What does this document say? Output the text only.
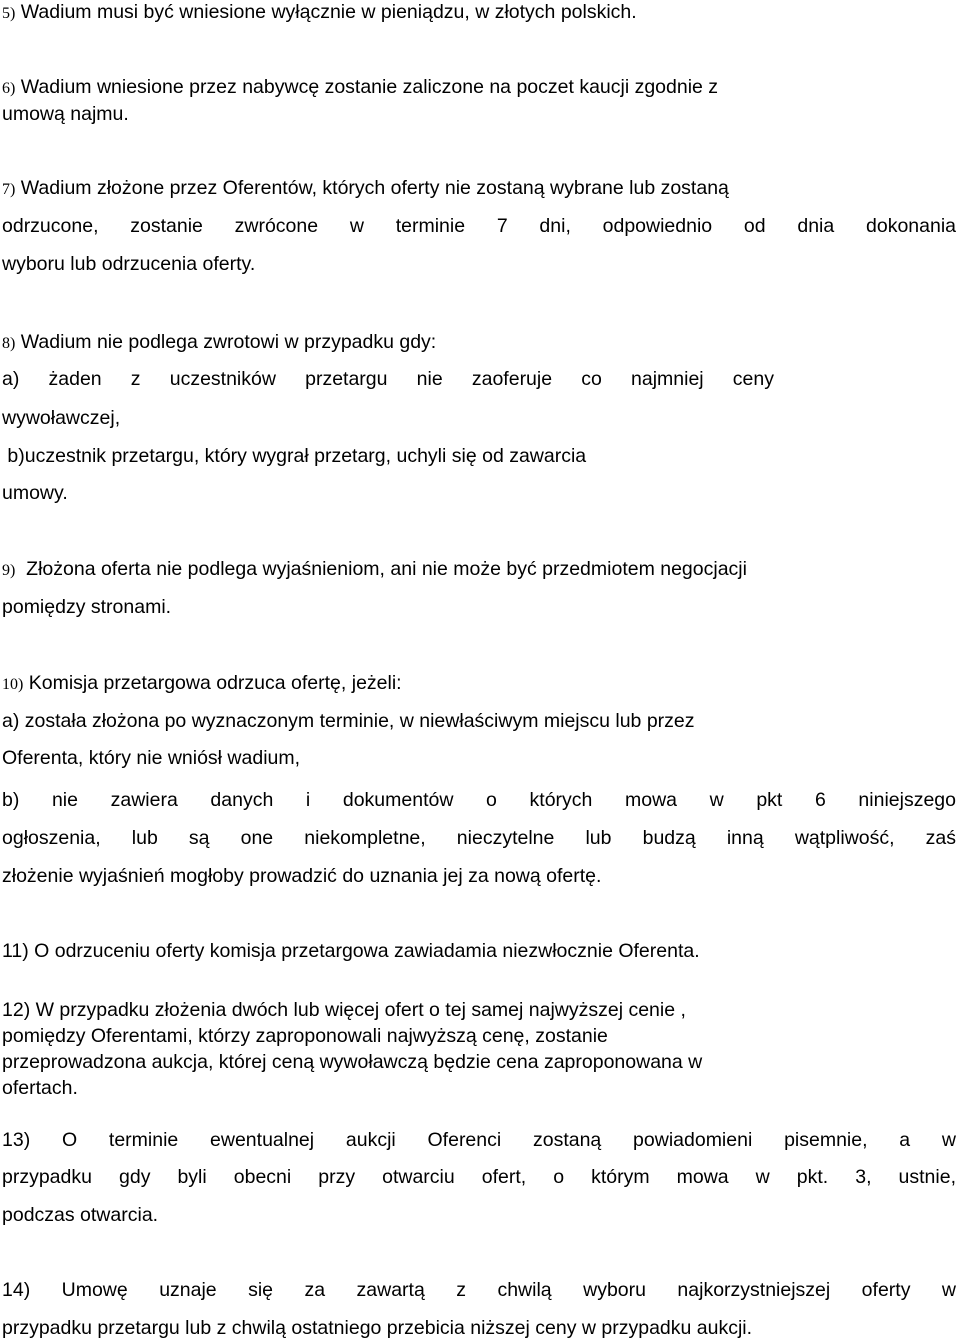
5) Wadium musi być wniesione wyłącznie w pieniądzu, w złotych polskich.
6) Wadium wniesione przez nabywcę zostanie zaliczone na poczet kaucji zgodnie z
umową najmu.
7) Wadium złożone przez Oferentów, których oferty nie zostaną wybrane lub zostaną
odrzucone, zostanie zwrócone w terminie 7 dni, odpowiednio od dnia dokonania
wyboru lub odrzucenia oferty.
8) Wadium nie podlega zwrotowi w przypadku gdy:
a) żaden z uczestników przetargu nie zaoferuje co najmniej ceny
wywoławczej,
b)uczestnik przetargu, który wygrał przetarg, uchyli się od zawarcia
umowy.
9)  Złożona oferta nie podlega wyjaśnieniom, ani nie może być przedmiotem negocjacji
pomiędzy stronami.
10) Komisja przetargowa odrzuca ofertę, jeżeli:
a) została złożona po wyznaczonym terminie, w niewłaściwym miejscu lub przez
Oferenta, który nie wniósł wadium,
b) nie zawiera danych i dokumentów o których mowa w pkt 6 niniejszego
ogłoszenia, lub są one niekompletne, nieczytelne lub budzą inną wątpliwość, zaś
złożenie wyjaśnień mogłoby prowadzić do uznania jej za nową ofertę.
11) O odrzuceniu oferty komisja przetargowa zawiadamia niezwłocznie Oferenta.
12) W przypadku złożenia dwóch lub więcej ofert o tej samej najwyższej cenie ,
pomiędzy Oferentami, którzy zaproponowali najwyższą cenę, zostanie
przeprowadzona aukcja, której ceną wywoławczą będzie cena zaproponowana w
ofertach.
13) O terminie ewentualnej aukcji Oferenci zostaną powiadomieni pisemnie, a w
przypadku gdy byli obecni przy otwarciu ofert, o którym mowa w pkt. 3, ustnie,
podczas otwarcia.
14) Umowę uznaje się za zawartą z chwilą wyboru najkorzystniejszej oferty w
przypadku przetargu lub z chwilą ostatniego przebicia niższej ceny w przypadku aukcji.
